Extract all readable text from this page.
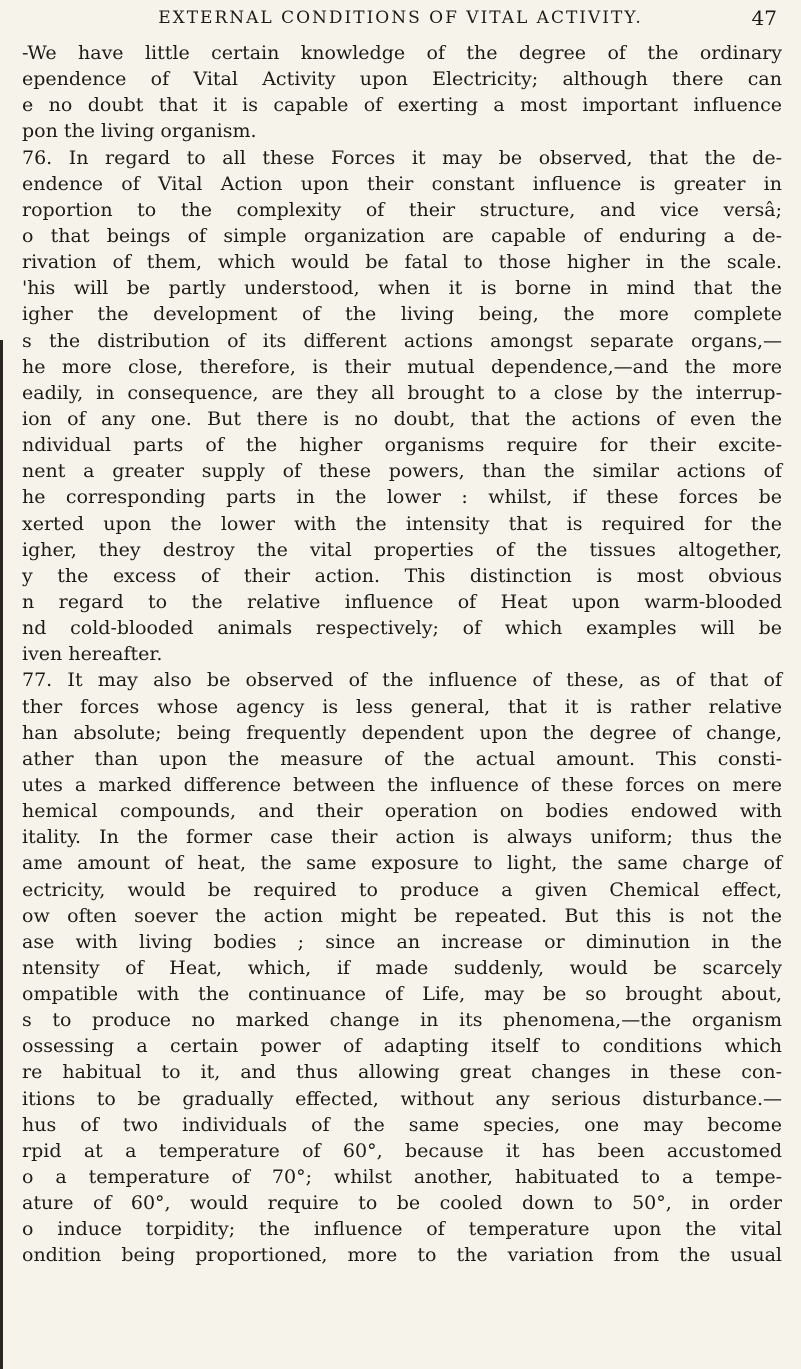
EXTERNAL CONDITIONS OF VITAL ACTIVITY.	47
-We have little certain knowledge of the degree of the ordinary
ependence of Vital Activity upon Electricity; although there can
e no doubt that it is capable of exerting a most important influence
pon the living organism.
76. In regard to all these Forces it may be observed, that the de-
endence of Vital Action upon their constant influence is greater in
roportion to the complexity of their structure, and vice versâ;
o that beings of simple organization are capable of enduring a de-
rivation of them, which would be fatal to those higher in the scale.
'his will be partly understood, when it is borne in mind that the
igher the development of the living being, the more complete
s the distribution of its different actions amongst separate organs,—
he more close, therefore, is their mutual dependence,—and the more
eadily, in consequence, are they all brought to a close by the interrup-
ion of any one. But there is no doubt, that the actions of even the
ndividual parts of the higher organisms require for their excite-
nent a greater supply of these powers, than the similar actions of
he corresponding parts in the lower : whilst, if these forces be
xerted upon the lower with the intensity that is required for the
igher, they destroy the vital properties of the tissues altogether,
y the excess of their action. This distinction is most obvious
n regard to the relative influence of Heat upon warm-blooded
nd cold-blooded animals respectively; of which examples will be
iven hereafter.
77. It may also be observed of the influence of these, as of that of
ther forces whose agency is less general, that it is rather relative
han absolute; being frequently dependent upon the degree of change,
ather than upon the measure of the actual amount. This consti-
utes a marked difference between the influence of these forces on mere
hemical compounds, and their operation on bodies endowed with
itality. In the former case their action is always uniform; thus the
ame amount of heat, the same exposure to light, the same charge of
ectricity, would be required to produce a given Chemical effect,
ow often soever the action might be repeated. But this is not the
ase with living bodies ; since an increase or diminution in the
ntensity of Heat, which, if made suddenly, would be scarcely
ompatible with the continuance of Life, may be so brought about,
s to produce no marked change in its phenomena,—the organism
ossessing a certain power of adapting itself to conditions which
re habitual to it, and thus allowing great changes in these con-
itions to be gradually effected, without any serious disturbance.—
hus of two individuals of the same species, one may become
rpid at a temperature of 60°, because it has been accustomed
o a temperature of 70°; whilst another, habituated to a tempe-
ature of 60°, would require to be cooled down to 50°, in order
o induce torpidity; the influence of temperature upon the vital
ondition being proportioned, more to the variation from the usual
